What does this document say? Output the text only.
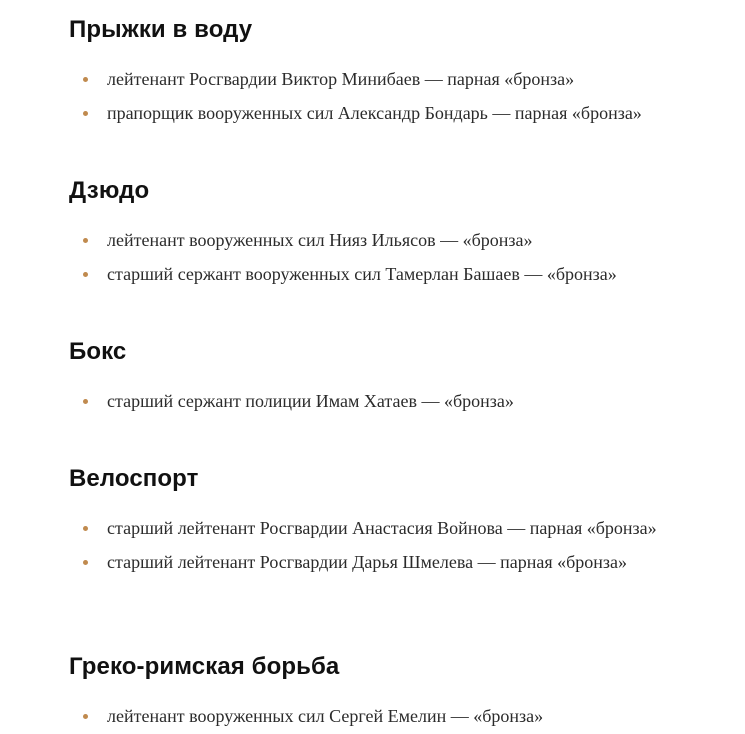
Прыжки в воду
лейтенант Росгвардии Виктор Минибаев — парная «бронза»
прапорщик вооруженных сил Александр Бондарь — парная «бронза»
Дзюдо
лейтенант вооруженных сил Нияз Ильясов — «бронза»
старший сержант вооруженных сил Тамерлан Башаев — «бронза»
Бокс
старший сержант полиции Имам Хатаев — «бронза»
Велоспорт
старший лейтенант Росгвардии Анастасия Войнова — парная «бронза»
старший лейтенант Росгвардии Дарья Шмелева — парная «бронза»
Греко-римская борьба
лейтенант вооруженных сил Сергей Емелин — «бронза»
